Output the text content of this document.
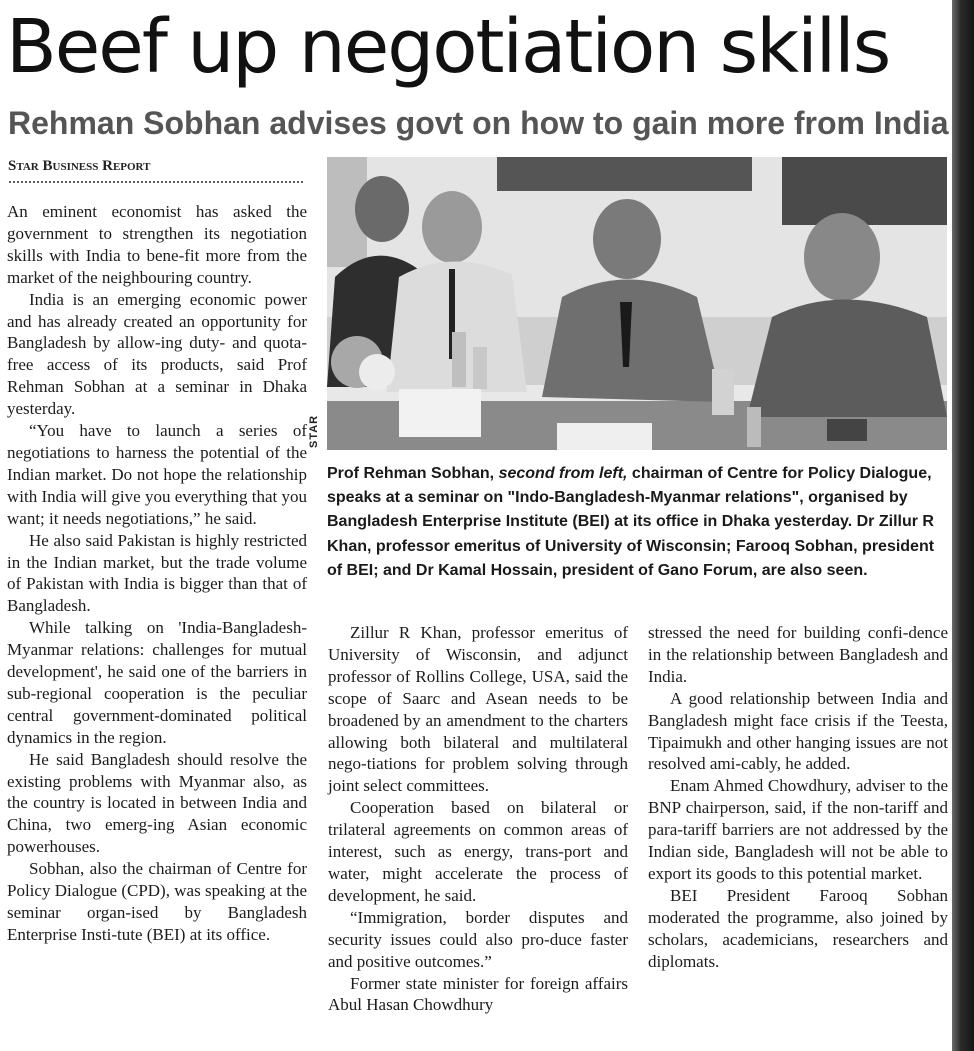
Beef up negotiation skills
Rehman Sobhan advises govt on how to gain more from India
Star Business Report

An eminent economist has asked the government to strengthen its negotiation skills with India to bene-fit more from the market of the neighbouring country.

India is an emerging economic power and has already created an opportunity for Bangladesh by allow-ing duty- and quota-free access of its products, said Prof Rehman Sobhan at a seminar in Dhaka yesterday.

“You have to launch a series of negotiations to harness the potential of the Indian market. Do not hope the relationship with India will give you everything that you want; it needs negotiations,” he said.

He also said Pakistan is highly restricted in the Indian market, but the trade volume of Pakistan with India is bigger than that of Bangladesh.

While talking on 'India-Bangladesh-Myanmar relations: challenges for mutual development', he said one of the barriers in sub-regional cooperation is the peculiar central government-dominated political dynamics in the region.

He said Bangladesh should resolve the existing problems with Myanmar also, as the country is located in between India and China, two emerg-ing Asian economic powerhouses.

Sobhan, also the chairman of Centre for Policy Dialogue (CPD), was speaking at the seminar organ-ised by Bangladesh Enterprise Insti-tute (BEI) at its office.

STAR
Prof Rehman Sobhan, second from left, chairman of Centre for Policy Dialogue, speaks at a seminar on "Indo-Bangladesh-Myanmar relations", organised by Bangladesh Enterprise Institute (BEI) at its office in Dhaka yesterday. Dr Zillur R Khan, professor emeritus of University of Wisconsin; Farooq Sobhan, president of BEI; and Dr Kamal Hossain, president of Gano Forum, are also seen.

Zillur R Khan, professor emeritus of University of Wisconsin, and adjunct professor of Rollins College, USA, said the scope of Saarc and Asean needs to be broadened by an amendment to the charters allowing both bilateral and multilateral nego-tiations for problem solving through joint select committees.

Cooperation based on bilateral or trilateral agreements on common areas of interest, such as energy, trans-port and water, might accelerate the process of development, he said.

“Immigration, border disputes and security issues could also pro-duce faster and positive outcomes.”

Former state minister for foreign affairs Abul Hasan Chowdhury

stressed the need for building confi-dence in the relationship between Bangladesh and India.

A good relationship between India and Bangladesh might face crisis if the Teesta, Tipaimukh and other hanging issues are not resolved ami-cably, he added.

Enam Ahmed Chowdhury, adviser to the BNP chairperson, said, if the non-tariff and para-tariff barriers are not addressed by the Indian side, Bangladesh will not be able to export its goods to this potential market.

BEI President Farooq Sobhan moderated the programme, also joined by scholars, academicians, researchers and diplomats.
